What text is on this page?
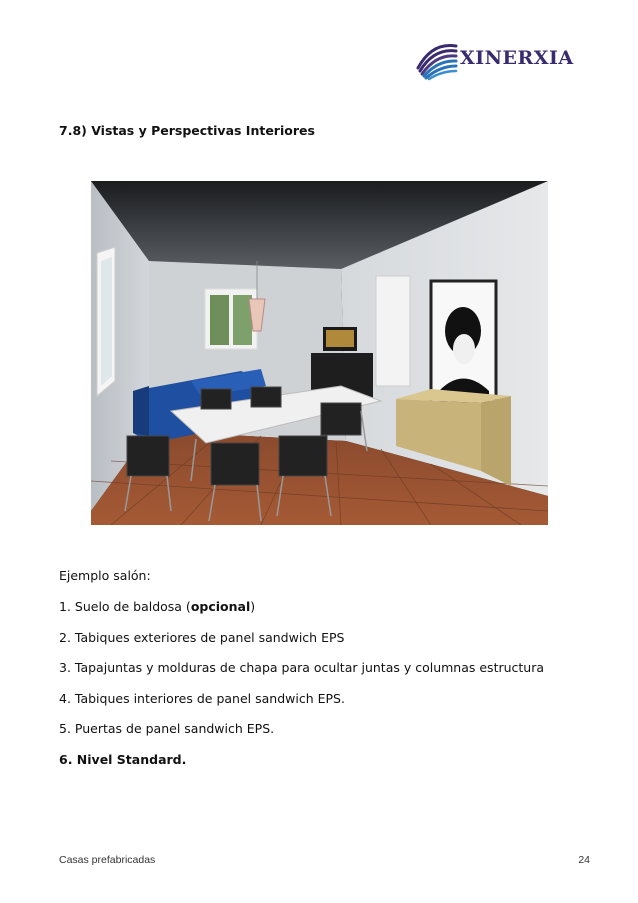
XINERXIA
7.8) Vistas y Perspectivas Interiores
Ejemplo salón:
1. Suelo de baldosa (opcional)
2. Tabiques exteriores de panel sandwich EPS
3. Tapajuntas y molduras de chapa para ocultar juntas y columnas estructura
4. Tabiques interiores de panel sandwich EPS.
5. Puertas de panel sandwich EPS.
6. Nivel Standard.
Casas prefabricadas	24
